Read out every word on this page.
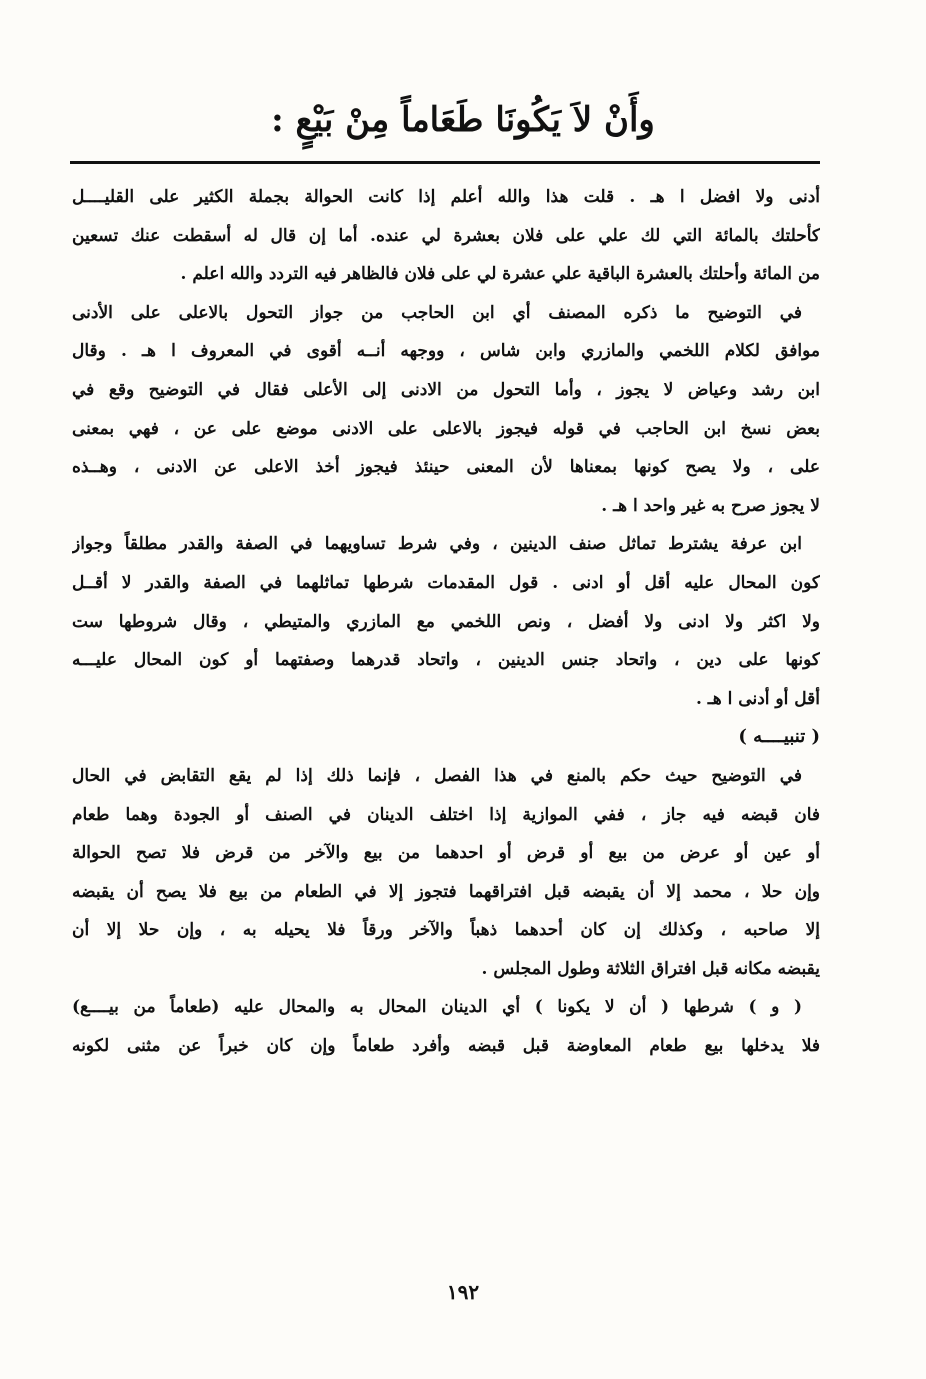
وأَنْ لاَ يَكُونَا طَعَاماً مِنْ بَيْعٍ :
أدنى ولا افضل ا هـ . قلت هذا والله أعلم إذا كانت الحوالة بجملة الكثير على القليــــل
كأحلتك بالمائة التي لك علي على فلان بعشرة لي عنده. أما إن قال له أسقطت عنك تسعين
من المائة وأحلتك بالعشرة الباقية علي عشرة لي على فلان فالظاهر فيه التردد والله اعلم .
في التوضيح ما ذكره المصنف أي ابن الحاجب من جواز التحول بالاعلى على الأدنى
موافق لكلام اللخمي والمازري وابن شاس ، ووجهه أنــه أقوى في المعروف ا هـ . وقال
ابن رشد وعياض لا يجوز ، وأما التحول من الادنى إلى الأعلى فقال في التوضيح وقع في
بعض نسخ ابن الحاجب في قوله فيجوز بالاعلى على الادنى موضع على عن ، فهي بمعنى
على ، ولا يصح كونها بمعناها لأن المعنى حينئذ فيجوز أخذ الاعلى عن الادنى ، وهــذه
لا يجوز صرح به غير واحد ا هـ .
ابن عرفة يشترط تماثل صنف الدينين ، وفي شرط تساويهما في الصفة والقدر مطلقاً وجواز
كون المحال عليه أقل أو ادنى . قول المقدمات شرطها تماثلهما في الصفة والقدر لا أقــل
ولا اكثر ولا ادنى ولا أفضل ، ونص اللخمي مع المازري والمتيطي ، وقال شروطها ست
كونها على دين ، واتحاد جنس الدينين ، واتحاد قدرهما وصفتهما أو كون المحال عليـــه
أقل أو أدنى ا هـ .
( تنبيــــه )
في التوضيح حيث حكم بالمنع في هذا الفصل ، فإنما ذلك إذا لم يقع التقابض في الحال
فان قبضه فيه جاز ، ففي الموازية إذا اختلف الدينان في الصنف أو الجودة وهما طعام
أو عين أو عرض من بيع أو قرض أو احدهما من بيع والآخر من قرض فلا تصح الحوالة
وإن حلا ، محمد إلا أن يقبضه قبل افتراقهما فتجوز إلا في الطعام من بيع فلا يصح أن يقبضه
إلا صاحبه ، وكذلك إن كان أحدهما ذهباً والآخر ورقاً فلا يحيله به ، وإن حلا إلا أن
يقبضه مكانه قبل افتراق الثلاثة وطول المجلس .
( و ) شرطها ( أن لا يكونا ) أي الدينان المحال به والمحال عليه (طعاماً من بيــــع)
فلا يدخلها بيع طعام المعاوضة قبل قبضه وأفرد طعاماً وإن كان خبراً عن مثنى لكونه
١٩٢
